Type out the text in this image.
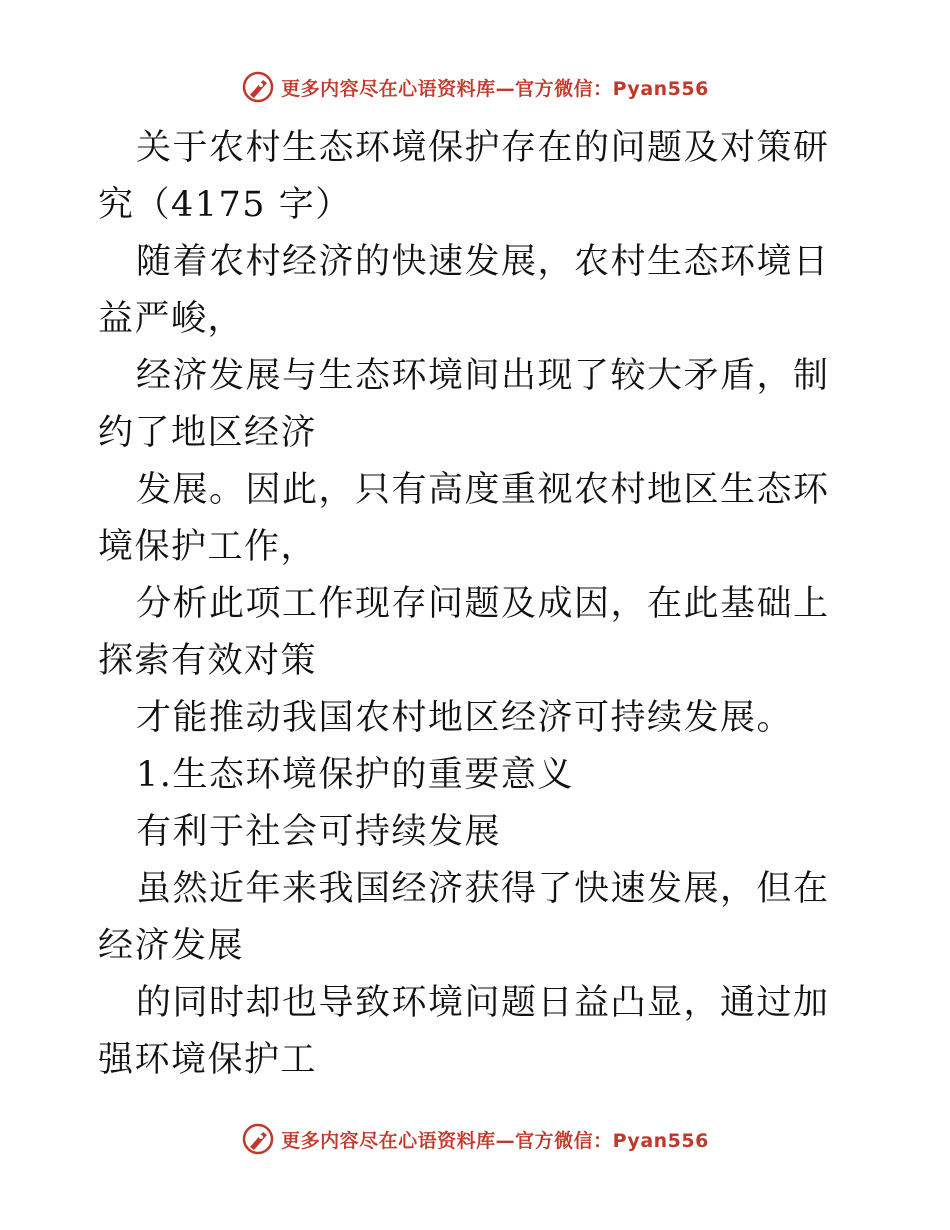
更多内容尽在心语资料库—官方微信：Pyan556

关于农村生态环境保护存在的问题及对策研究（4175 字）

随着农村经济的快速发展，农村生态环境日益严峻，

经济发展与生态环境间出现了较大矛盾，制约了地区经济

发展。因此，只有高度重视农村地区生态环境保护工作，

分析此项工作现存问题及成因，在此基础上探索有效对策

才能推动我国农村地区经济可持续发展。

1.生态环境保护的重要意义

有利于社会可持续发展

虽然近年来我国经济获得了快速发展，但在经济发展

的同时却也导致环境问题日益凸显，通过加强环境保护工

更多内容尽在心语资料库—官方微信：Pyan556
